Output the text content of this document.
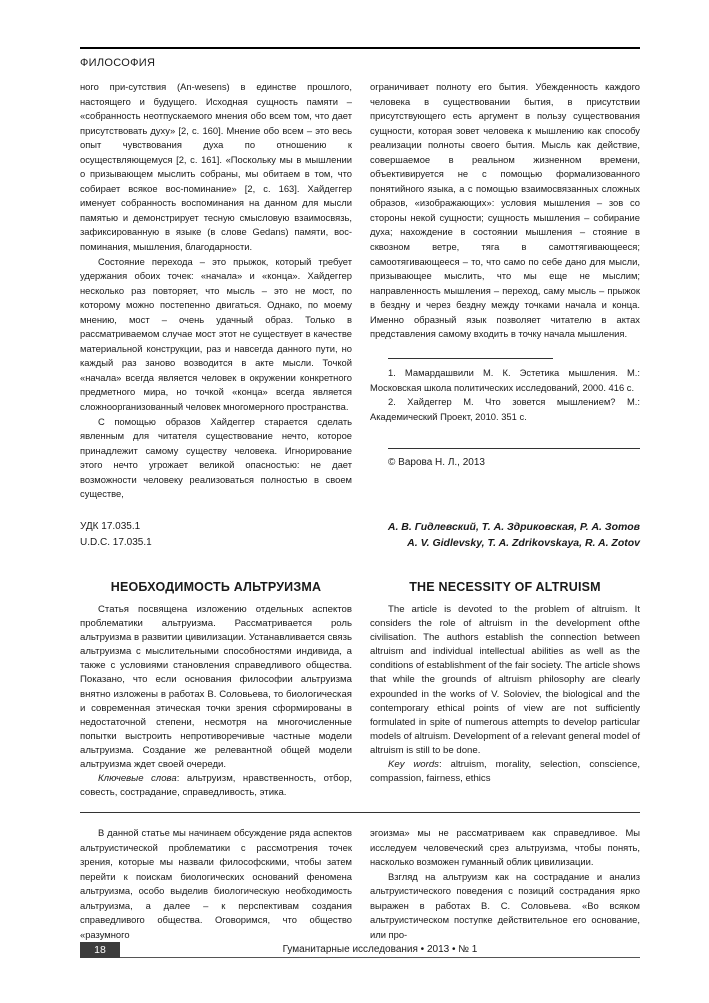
ФИЛОСОФИЯ

ного при-сутствия (An-wesens) в единстве прошлого, настоящего и будущего. Исходная сущность памяти – «собранность неотпускаемого мнения обо всем том, что дает присутствовать духу» [2, с. 160]. Мнение обо всем – это весь опыт чувствования духа по отношению к осуществляющемуся [2, с. 161]. «Поскольку мы в мышлении о призывающем мыслить собраны, мы обитаем в том, что собирает всякое вос-поминание» [2, с. 163]. Хайдеггер именует собранность воспоминания на данном для мысли памятью и демонстрирует тесную смысловую взаимосвязь, зафиксированную в языке (в слове Gedans) памяти, вос-поминания, мышления, благодарности.

Состояние перехода – это прыжок, который требует удержания обоих точек: «начала» и «конца». Хайдеггер несколько раз повторяет, что мысль – это не мост, по которому можно постепенно двигаться. Однако, по моему мнению, мост – очень удачный образ. Только в рассматриваемом случае мост этот не существует в качестве материальной конструкции, раз и навсегда данного пути, но каждый раз заново возводится в акте мысли. Точкой «начала» всегда является человек в окружении конкретного предметного мира, но точкой «конца» всегда является сложноорганизованный человек многомерного пространства.

С помощью образов Хайдеггер старается сделать явленным для читателя существование нечто, которое принадлежит самому существу человека. Игнорирование этого нечто угрожает великой опасностью: не дает возможности человеку реализоваться полностью в своем существе,

ограничивает полноту его бытия. Убежденность каждого человека в существовании бытия, в присутствии присутствующего есть аргумент в пользу существования сущности, которая зовет человека к мышлению как способу реализации полноты своего бытия. Мысль как действие, совершаемое в реальном жизненном времени, объективируется не с помощью формализованного понятийного языка, а с помощью взаимосвязанных сложных образов, «изображающих»: условия мышления – зов со стороны некой сущности; сущность мышления – собирание духа; нахождение в состоянии мышления – стояние в сквозном ветре, тяга в самоттягивающееся; самоотягивающееся – то, что само по себе дано для мысли, призывающее мыслить, что мы еще не мыслим; направленность мышления – переход, саму мысль – прыжок в бездну и через бездну между точками начала и конца. Именно образный язык позволяет читателю в актах представления самому входить в точку начала мышления.

1. Мамардашвили М. К. Эстетика мышления. М.: Московская школа политических исследований, 2000. 416 с.

2. Хайдеггер М. Что зовется мышлением? М.: Академический Проект, 2010. 351 с.

© Варова Н. Л., 2013
УДК 17.035.1
U.D.C. 17.035.1
А. В. Гидлевский, Т. А. Здриковская, Р. А. Зотов
A. V. Gidlevsky, T. A. Zdrikovskaya, R. A. Zotov
НЕОБХОДИМОСТЬ АЛЬТРУИЗМА	THE NECESSITY OF ALTRUISM

Статья посвящена изложению отдельных аспектов проблематики альтруизма. Рассматривается роль альтруизма в развитии цивилизации. Устанавливается связь альтруизма с мыслительными способностями индивида, а также с условиями становления справедливого общества. Показано, что если основания философии альтруизма внятно изложены в работах В. Соловьева, то биологическая и современная этическая точки зрения сформированы в недостаточной степени, несмотря на многочисленные попытки выстроить непротиворечивые частные модели альтруизма. Создание же релевантной общей модели альтруизма ждет своей очереди.

Ключевые слова: альтруизм, нравственность, отбор, совесть, сострадание, справедливость, этика.

The article is devoted to the problem of altruism. It considers the role of altruism in the development ofthe civilisation. The authors establish the connection between altruism and individual intellectual abilities as well as the conditions of establishment of the fair society. The article shows that while the grounds of altruism philosophy are clearly expounded in the works of V. Soloviev, the biological and the contemporary ethical points of view are not sufficiently formulated in spite of numerous attempts to develop particular models of altruism. Development of a relevant general model of altruism is still to be done.

Key words: altruism, morality, selection, conscience, compassion, fairness, ethics

В данной статье мы начинаем обсуждение ряда аспектов альтруистической проблематики с рассмотрения точек зрения, которые мы назвали философскими, чтобы затем перейти к поискам биологических оснований феномена альтруизма, особо выделив биологическую необходимость альтруизма, а далее – к перспективам создания справедливого общества. Оговоримся, что общество «разумного

эгоизма» мы не рассматриваем как справедливое. Мы исследуем человеческий срез альтруизма, чтобы понять, насколько возможен гуманный облик цивилизации.

Взгляд на альтруизм как на сострадание и анализ альтруистического поведения с позиций сострадания ярко выражен в работах В. С. Соловьева. «Во всяком альтруистическом поступке действительное его основание, или про-

18	Гуманитарные исследования • 2013 • № 1
